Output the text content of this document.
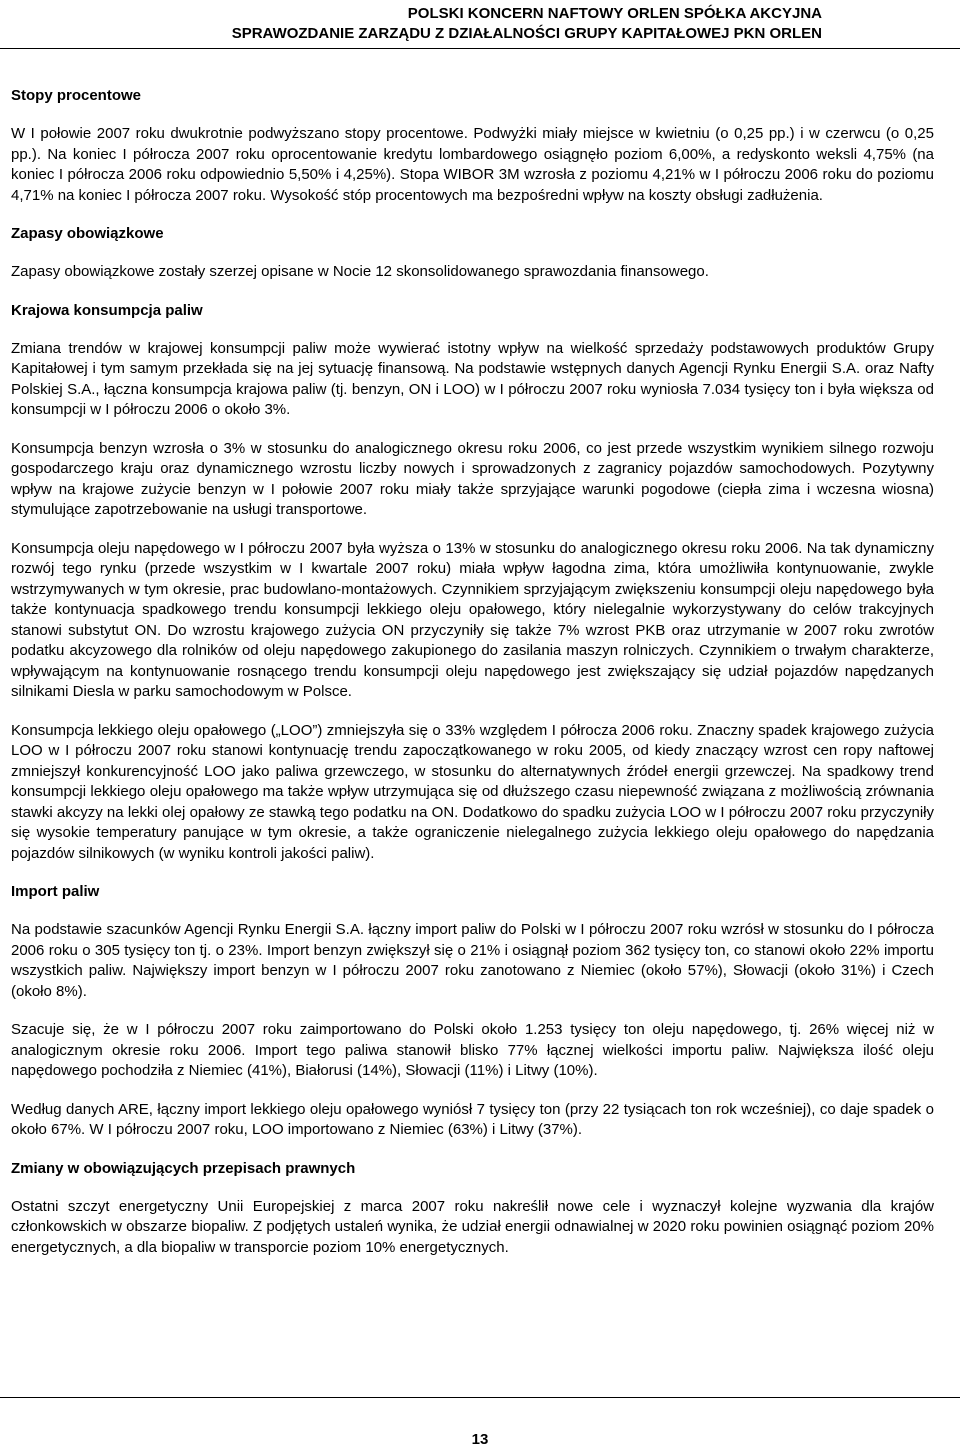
POLSKI KONCERN NAFTOWY ORLEN SPÓŁKA AKCYJNA
SPRAWOZDANIE ZARZĄDU Z DZIAŁALNOŚCI GRUPY KAPITAŁOWEJ PKN ORLEN
Stopy procentowe

W I połowie 2007 roku dwukrotnie podwyższano stopy procentowe. Podwyżki miały miejsce w kwietniu (o 0,25 pp.) i w czerwcu (o 0,25 pp.). Na koniec I półrocza 2007 roku oprocentowanie kredytu lombardowego osiągnęło poziom 6,00%, a redyskonto weksli 4,75% (na koniec I półrocza 2006 roku odpowiednio 5,50% i 4,25%). Stopa WIBOR 3M wzrosła z poziomu 4,21% w I półroczu 2006 roku do poziomu 4,71% na koniec I półrocza 2007 roku. Wysokość stóp procentowych ma bezpośredni wpływ na koszty obsługi zadłużenia.

Zapasy obowiązkowe

Zapasy obowiązkowe zostały szerzej opisane w Nocie 12 skonsolidowanego sprawozdania finansowego.

Krajowa konsumpcja paliw

Zmiana trendów w krajowej konsumpcji paliw może wywierać istotny wpływ na wielkość sprzedaży podstawowych produktów Grupy Kapitałowej i tym samym przekłada się na jej sytuację finansową. Na podstawie wstępnych danych Agencji Rynku Energii S.A. oraz Nafty Polskiej S.A., łączna konsumpcja krajowa paliw (tj. benzyn, ON i LOO) w I półroczu 2007 roku wyniosła 7.034 tysięcy ton i była większa od konsumpcji w I półroczu 2006 o około 3%.

Konsumpcja benzyn wzrosła o 3% w stosunku do analogicznego okresu roku 2006, co jest przede wszystkim wynikiem silnego rozwoju gospodarczego kraju oraz dynamicznego wzrostu liczby nowych i sprowadzonych z zagranicy pojazdów samochodowych. Pozytywny wpływ na krajowe zużycie benzyn w I połowie 2007 roku miały także sprzyjające warunki pogodowe (ciepła zima i wczesna wiosna) stymulujące zapotrzebowanie na usługi transportowe.

Konsumpcja oleju napędowego w I półroczu 2007 była wyższa o 13% w stosunku do analogicznego okresu roku 2006. Na tak dynamiczny rozwój tego rynku (przede wszystkim w I kwartale 2007 roku) miała wpływ łagodna zima, która umożliwiła kontynuowanie, zwykle wstrzymywanych w tym okresie, prac budowlano-montażowych. Czynnikiem sprzyjającym zwiększeniu konsumpcji oleju napędowego była także kontynuacja spadkowego trendu konsumpcji lekkiego oleju opałowego, który nielegalnie wykorzystywany do celów trakcyjnych stanowi substytut ON. Do wzrostu krajowego zużycia ON przyczyniły się także 7% wzrost PKB oraz utrzymanie w 2007 roku zwrotów podatku akcyzowego dla rolników od oleju napędowego zakupionego do zasilania maszyn rolniczych. Czynnikiem o trwałym charakterze, wpływającym na kontynuowanie rosnącego trendu konsumpcji oleju napędowego jest zwiększający się udział pojazdów napędzanych silnikami Diesla w parku samochodowym w Polsce.

Konsumpcja lekkiego oleju opałowego („LOO”) zmniejszyła się o 33% względem I półrocza 2006 roku. Znaczny spadek krajowego zużycia LOO w I półroczu 2007 roku stanowi kontynuację trendu zapoczątkowanego w roku 2005, od kiedy znaczący wzrost cen ropy naftowej zmniejszył konkurencyjność LOO jako paliwa grzewczego, w stosunku do alternatywnych źródeł energii grzewczej. Na spadkowy trend konsumpcji lekkiego oleju opałowego ma także wpływ utrzymująca się od dłuższego czasu niepewność związana z możliwością zrównania stawki akcyzy na lekki olej opałowy ze stawką tego podatku na ON. Dodatkowo do spadku zużycia LOO w I półroczu 2007 roku przyczyniły się wysokie temperatury panujące w tym okresie, a także ograniczenie nielegalnego zużycia lekkiego oleju opałowego do napędzania pojazdów silnikowych (w wyniku kontroli jakości paliw).

Import paliw

Na podstawie szacunków Agencji Rynku Energii S.A. łączny import paliw do Polski w I półroczu 2007 roku wzrósł w stosunku do I półrocza 2006 roku o 305 tysięcy ton tj. o 23%. Import benzyn zwiększył się o 21% i osiągnął poziom 362 tysięcy ton, co stanowi około 22% importu wszystkich paliw. Największy import benzyn w I półroczu 2007 roku zanotowano z Niemiec (około 57%), Słowacji (około 31%) i Czech (około 8%).

Szacuje się, że w I półroczu 2007 roku zaimportowano do Polski około 1.253 tysięcy ton oleju napędowego, tj. 26% więcej niż w analogicznym okresie roku 2006. Import tego paliwa stanowił blisko 77% łącznej wielkości importu paliw. Największa ilość oleju napędowego pochodziła z Niemiec (41%), Białorusi (14%), Słowacji (11%) i Litwy (10%).

Według danych ARE, łączny import lekkiego oleju opałowego wyniósł 7 tysięcy ton (przy 22 tysiącach ton rok wcześniej), co daje spadek o około 67%. W I półroczu 2007 roku, LOO importowano z Niemiec (63%) i Litwy (37%).

Zmiany w obowiązujących przepisach prawnych

Ostatni szczyt energetyczny Unii Europejskiej z marca 2007 roku nakreślił nowe cele i wyznaczył kolejne wyzwania dla krajów członkowskich w obszarze biopaliw. Z podjętych ustaleń wynika, że udział energii odnawialnej w 2020 roku powinien osiągnąć poziom 20% energetycznych, a dla biopaliw w transporcie poziom 10% energetycznych.

13
